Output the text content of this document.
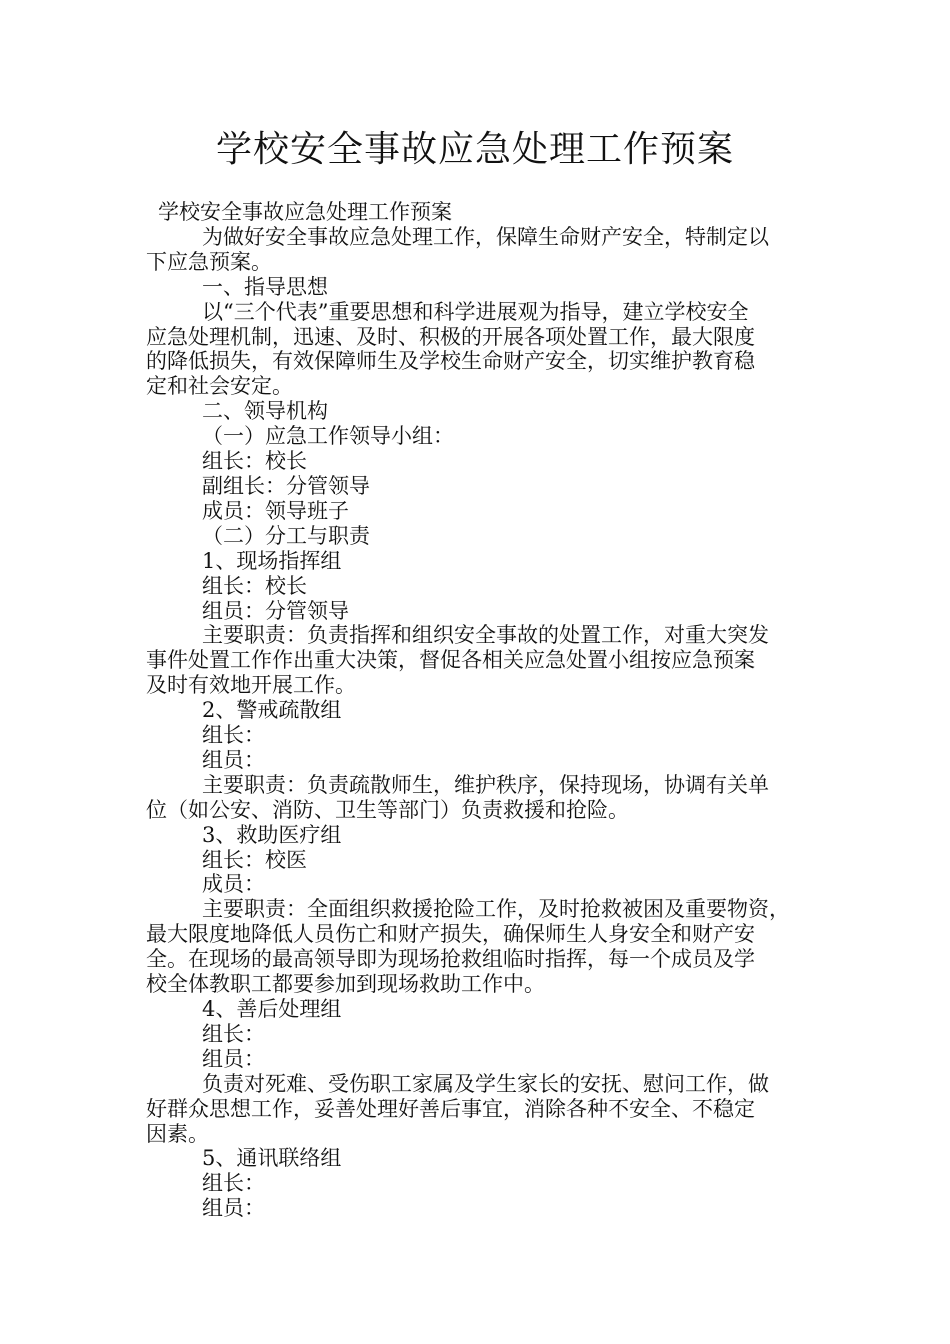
学校安全事故应急处理工作预案

学校安全事故应急处理工作预案

为做好安全事故应急处理工作，保障生命财产安全，特制定以

下应急预案。

一、指导思想

以“三个代表”重要思想和科学进展观为指导，建立学校安全

应急处理机制，迅速、及时、积极的开展各项处置工作，最大限度

的降低损失，有效保障师生及学校生命财产安全，切实维护教育稳

定和社会安定。

二、领导机构

（一）应急工作领导小组：

组长：校长

副组长：分管领导

成员：领导班子

（二）分工与职责

1、现场指挥组

组长：校长

组员：分管领导

主要职责：负责指挥和组织安全事故的处置工作，对重大突发

事件处置工作作出重大决策，督促各相关应急处置小组按应急预案

及时有效地开展工作。

2、警戒疏散组

组长：

组员：

主要职责：负责疏散师生，维护秩序，保持现场，协调有关单

位（如公安、消防、卫生等部门）负责救援和抢险。

3、救助医疗组

组长：校医

成员：

主要职责：全面组织救援抢险工作，及时抢救被困及重要物资，

最大限度地降低人员伤亡和财产损失，确保师生人身安全和财产安

全。在现场的最高领导即为现场抢救组临时指挥，每一个成员及学

校全体教职工都要参加到现场救助工作中。

4、善后处理组

组长：

组员：

负责对死难、受伤职工家属及学生家长的安抚、慰问工作，做

好群众思想工作，妥善处理好善后事宜，消除各种不安全、不稳定

因素。

5、通讯联络组

组长：

组员：
